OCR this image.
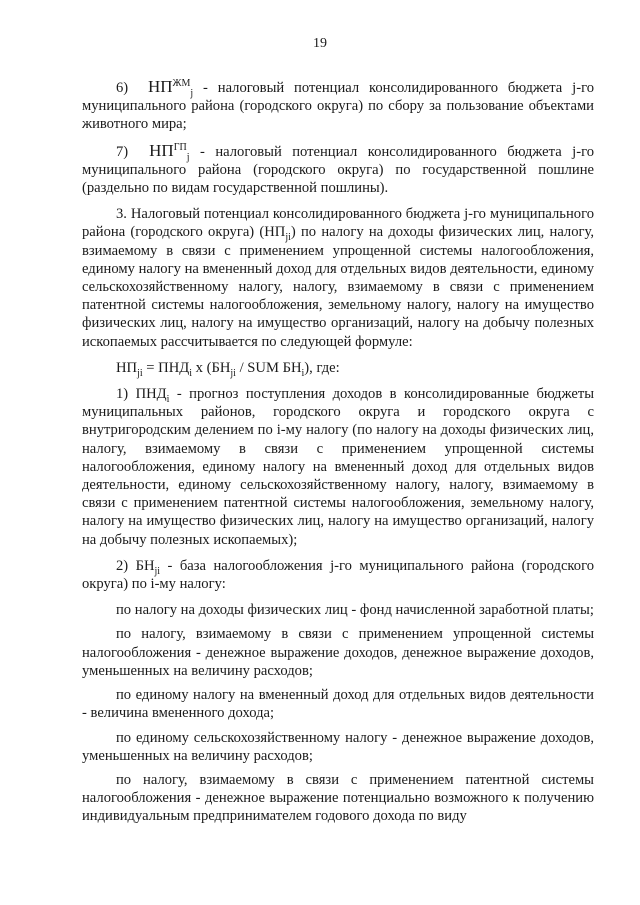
19

6) $НП^{ЖМ}_j$ - налоговый потенциал консолидированного бюджета j-го муниципального района (городского округа) по сбору за пользование объектами животного мира;

7) $НП^{ГП}_j$ - налоговый потенциал консолидированного бюджета j-го муниципального района (городского округа) по государственной пошлине (раздельно по видам государственной пошлины).

3. Налоговый потенциал консолидированного бюджета j-го муниципального района (городского округа) $(НП_{ji})$ по налогу на доходы физических лиц, налогу, взимаемому в связи с применением упрощенной системы налогообложения, единому налогу на вмененный доход для отдельных видов деятельности, единому сельскохозяйственному налогу, налогу, взимаемому в связи с применением патентной системы налогообложения, земельному налогу, налогу на имущество физических лиц, налогу на имущество организаций, налогу на добычу полезных ископаемых рассчитывается по следующей формуле:

$НП_{ji} = ПНД_i$ х ($БН_{ji}$ / SUM $БН_i$), где:

1) $ПНД_i$ - прогноз поступления доходов в консолидированные бюджеты муниципальных районов, городского округа и городского округа с внутригородским делением по i-му налогу (по налогу на доходы физических лиц, налогу, взимаемому в связи с применением упрощенной системы налогообложения, единому налогу на вмененный доход для отдельных видов деятельности, единому сельскохозяйственному налогу, налогу, взимаемому в связи с применением патентной системы налогообложения, земельному налогу, налогу на имущество физических лиц, налогу на имущество организаций, налогу на добычу полезных ископаемых);

2) $БН_{ji}$ - база налогообложения j-го муниципального района (городского округа) по i-му налогу:

по налогу на доходы физических лиц - фонд начисленной заработной платы;

по налогу, взимаемому в связи с применением упрощенной системы налогообложения - денежное выражение доходов, денежное выражение доходов, уменьшенных на величину расходов;

по единому налогу на вмененный доход для отдельных видов деятельности - величина вмененного дохода;

по единому сельскохозяйственному налогу - денежное выражение доходов, уменьшенных на величину расходов;

по налогу, взимаемому в связи с применением патентной системы налогообложения - денежное выражение потенциально возможного к получению индивидуальным предпринимателем годового дохода по виду
